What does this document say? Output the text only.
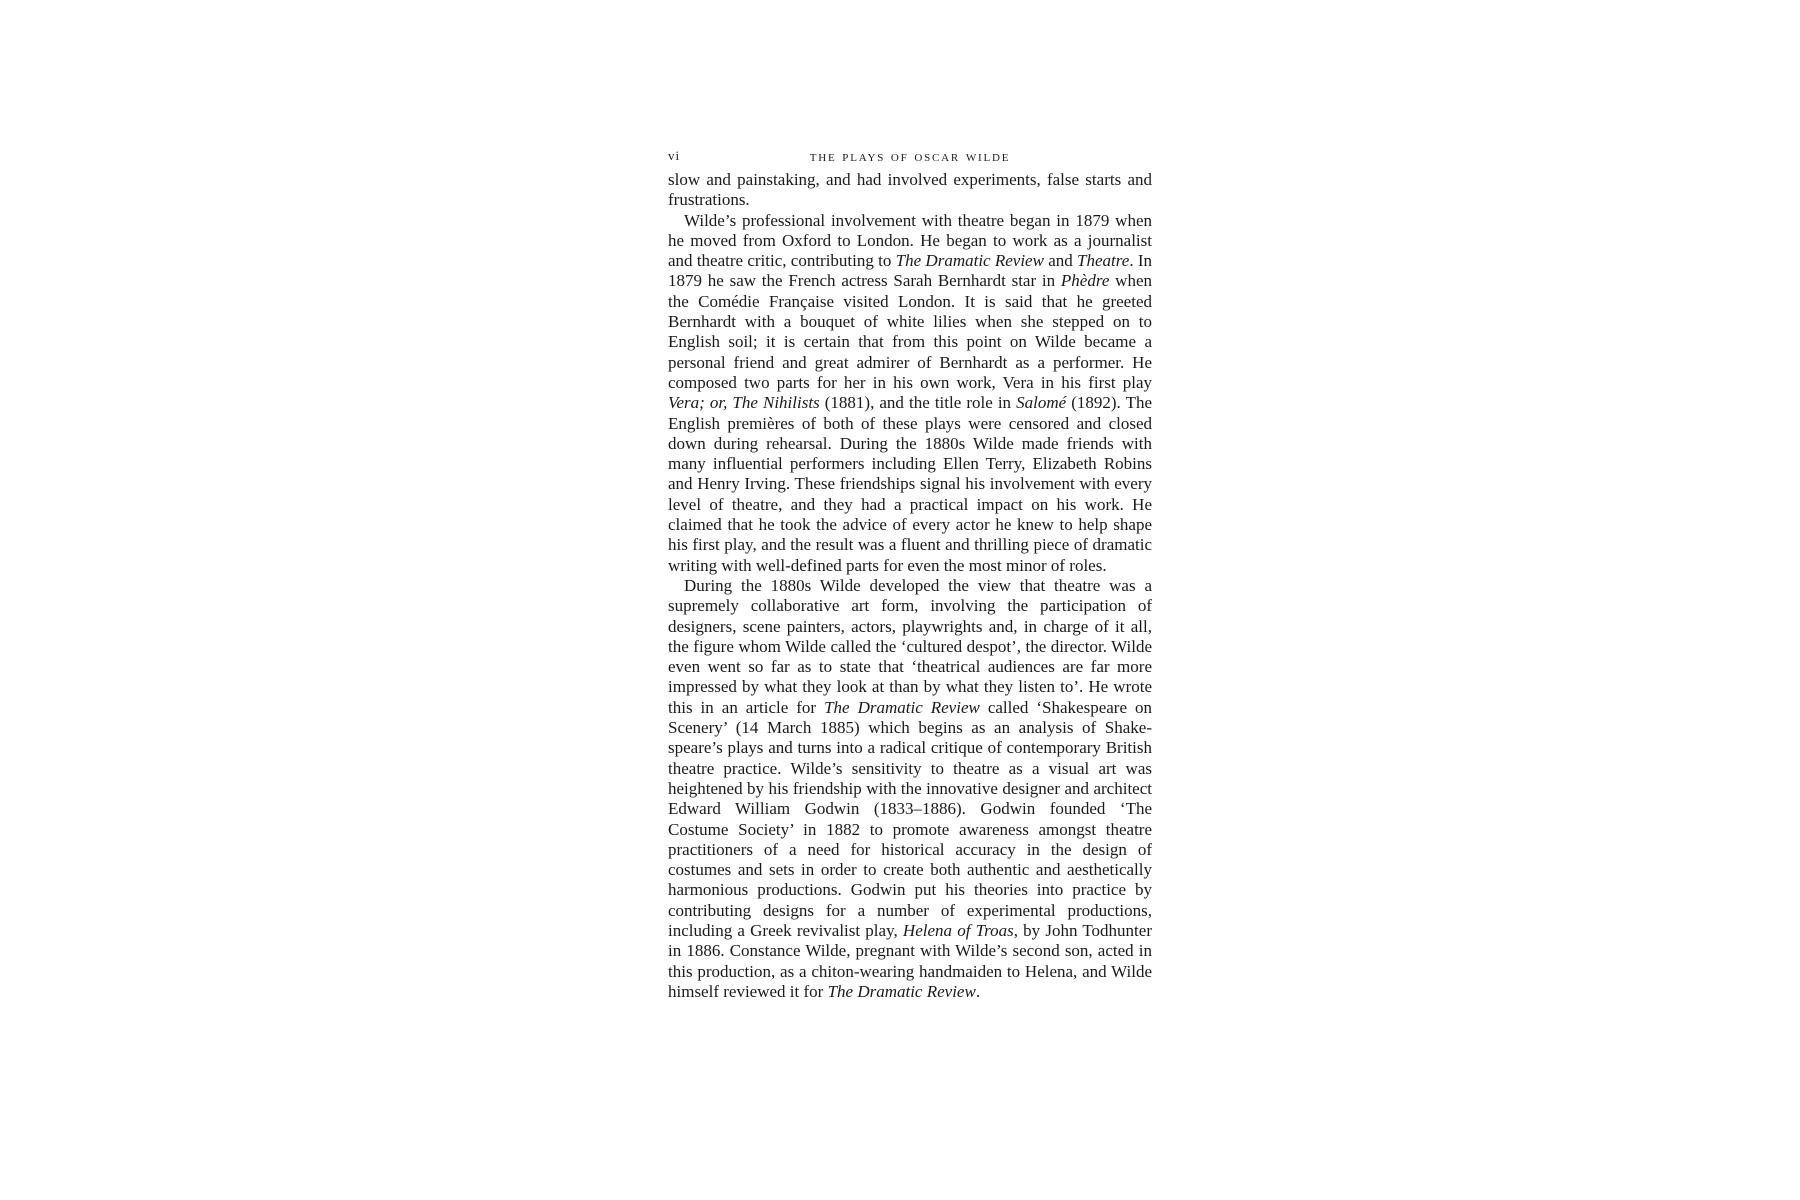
vi	the plays of oscar wilde

slow and painstaking, and had involved experiments, false starts and frustrations.

Wilde’s professional involvement with theatre began in 1879 when he moved from Oxford to London. He began to work as a journalist and theatre critic, contributing to The Dramatic Review and Theatre. In 1879 he saw the French actress Sarah Bernhardt star in Phèdre when the Comédie Française visited London. It is said that he greeted Bernhardt with a bouquet of white lilies when she stepped on to English soil; it is certain that from this point on Wilde became a personal friend and great admirer of Bernhardt as a performer. He composed two parts for her in his own work, Vera in his first play Vera; or, The Nihilists (1881), and the title role in Salomé (1892). The English premières of both of these plays were censored and closed down during rehearsal. During the 1880s Wilde made friends with many influential performers including Ellen Terry, Elizabeth Robins and Henry Irving. These friendships signal his involvement with every level of theatre, and they had a practical impact on his work. He claimed that he took the advice of every actor he knew to help shape his first play, and the result was a fluent and thrilling piece of dramatic writing with well-defined parts for even the most minor of roles.

During the 1880s Wilde developed the view that theatre was a supremely collaborative art form, involving the participation of designers, scene painters, actors, playwrights and, in charge of it all, the figure whom Wilde called the ‘cultured despot’, the director. Wilde even went so far as to state that ‘theatrical audiences are far more impressed by what they look at than by what they listen to’. He wrote this in an article for The Dramatic Review called ‘Shakespeare on Scenery’ (14 March 1885) which begins as an analysis of Shakespeare’s plays and turns into a radical critique of contemporary British theatre practice. Wilde’s sensitivity to theatre as a visual art was heightened by his friendship with the innovative designer and architect Edward William Godwin (1833–1886). Godwin founded ‘The Costume Society’ in 1882 to promote awareness amongst theatre practitioners of a need for historical accuracy in the design of costumes and sets in order to create both authentic and aesthetically harmonious productions. Godwin put his theories into practice by contributing designs for a number of experimental productions, including a Greek revivalist play, Helena of Troas, by John Todhunter in 1886. Constance Wilde, pregnant with Wilde’s second son, acted in this production, as a chiton-wearing handmaiden to Helena, and Wilde himself reviewed it for The Dramatic Review.
